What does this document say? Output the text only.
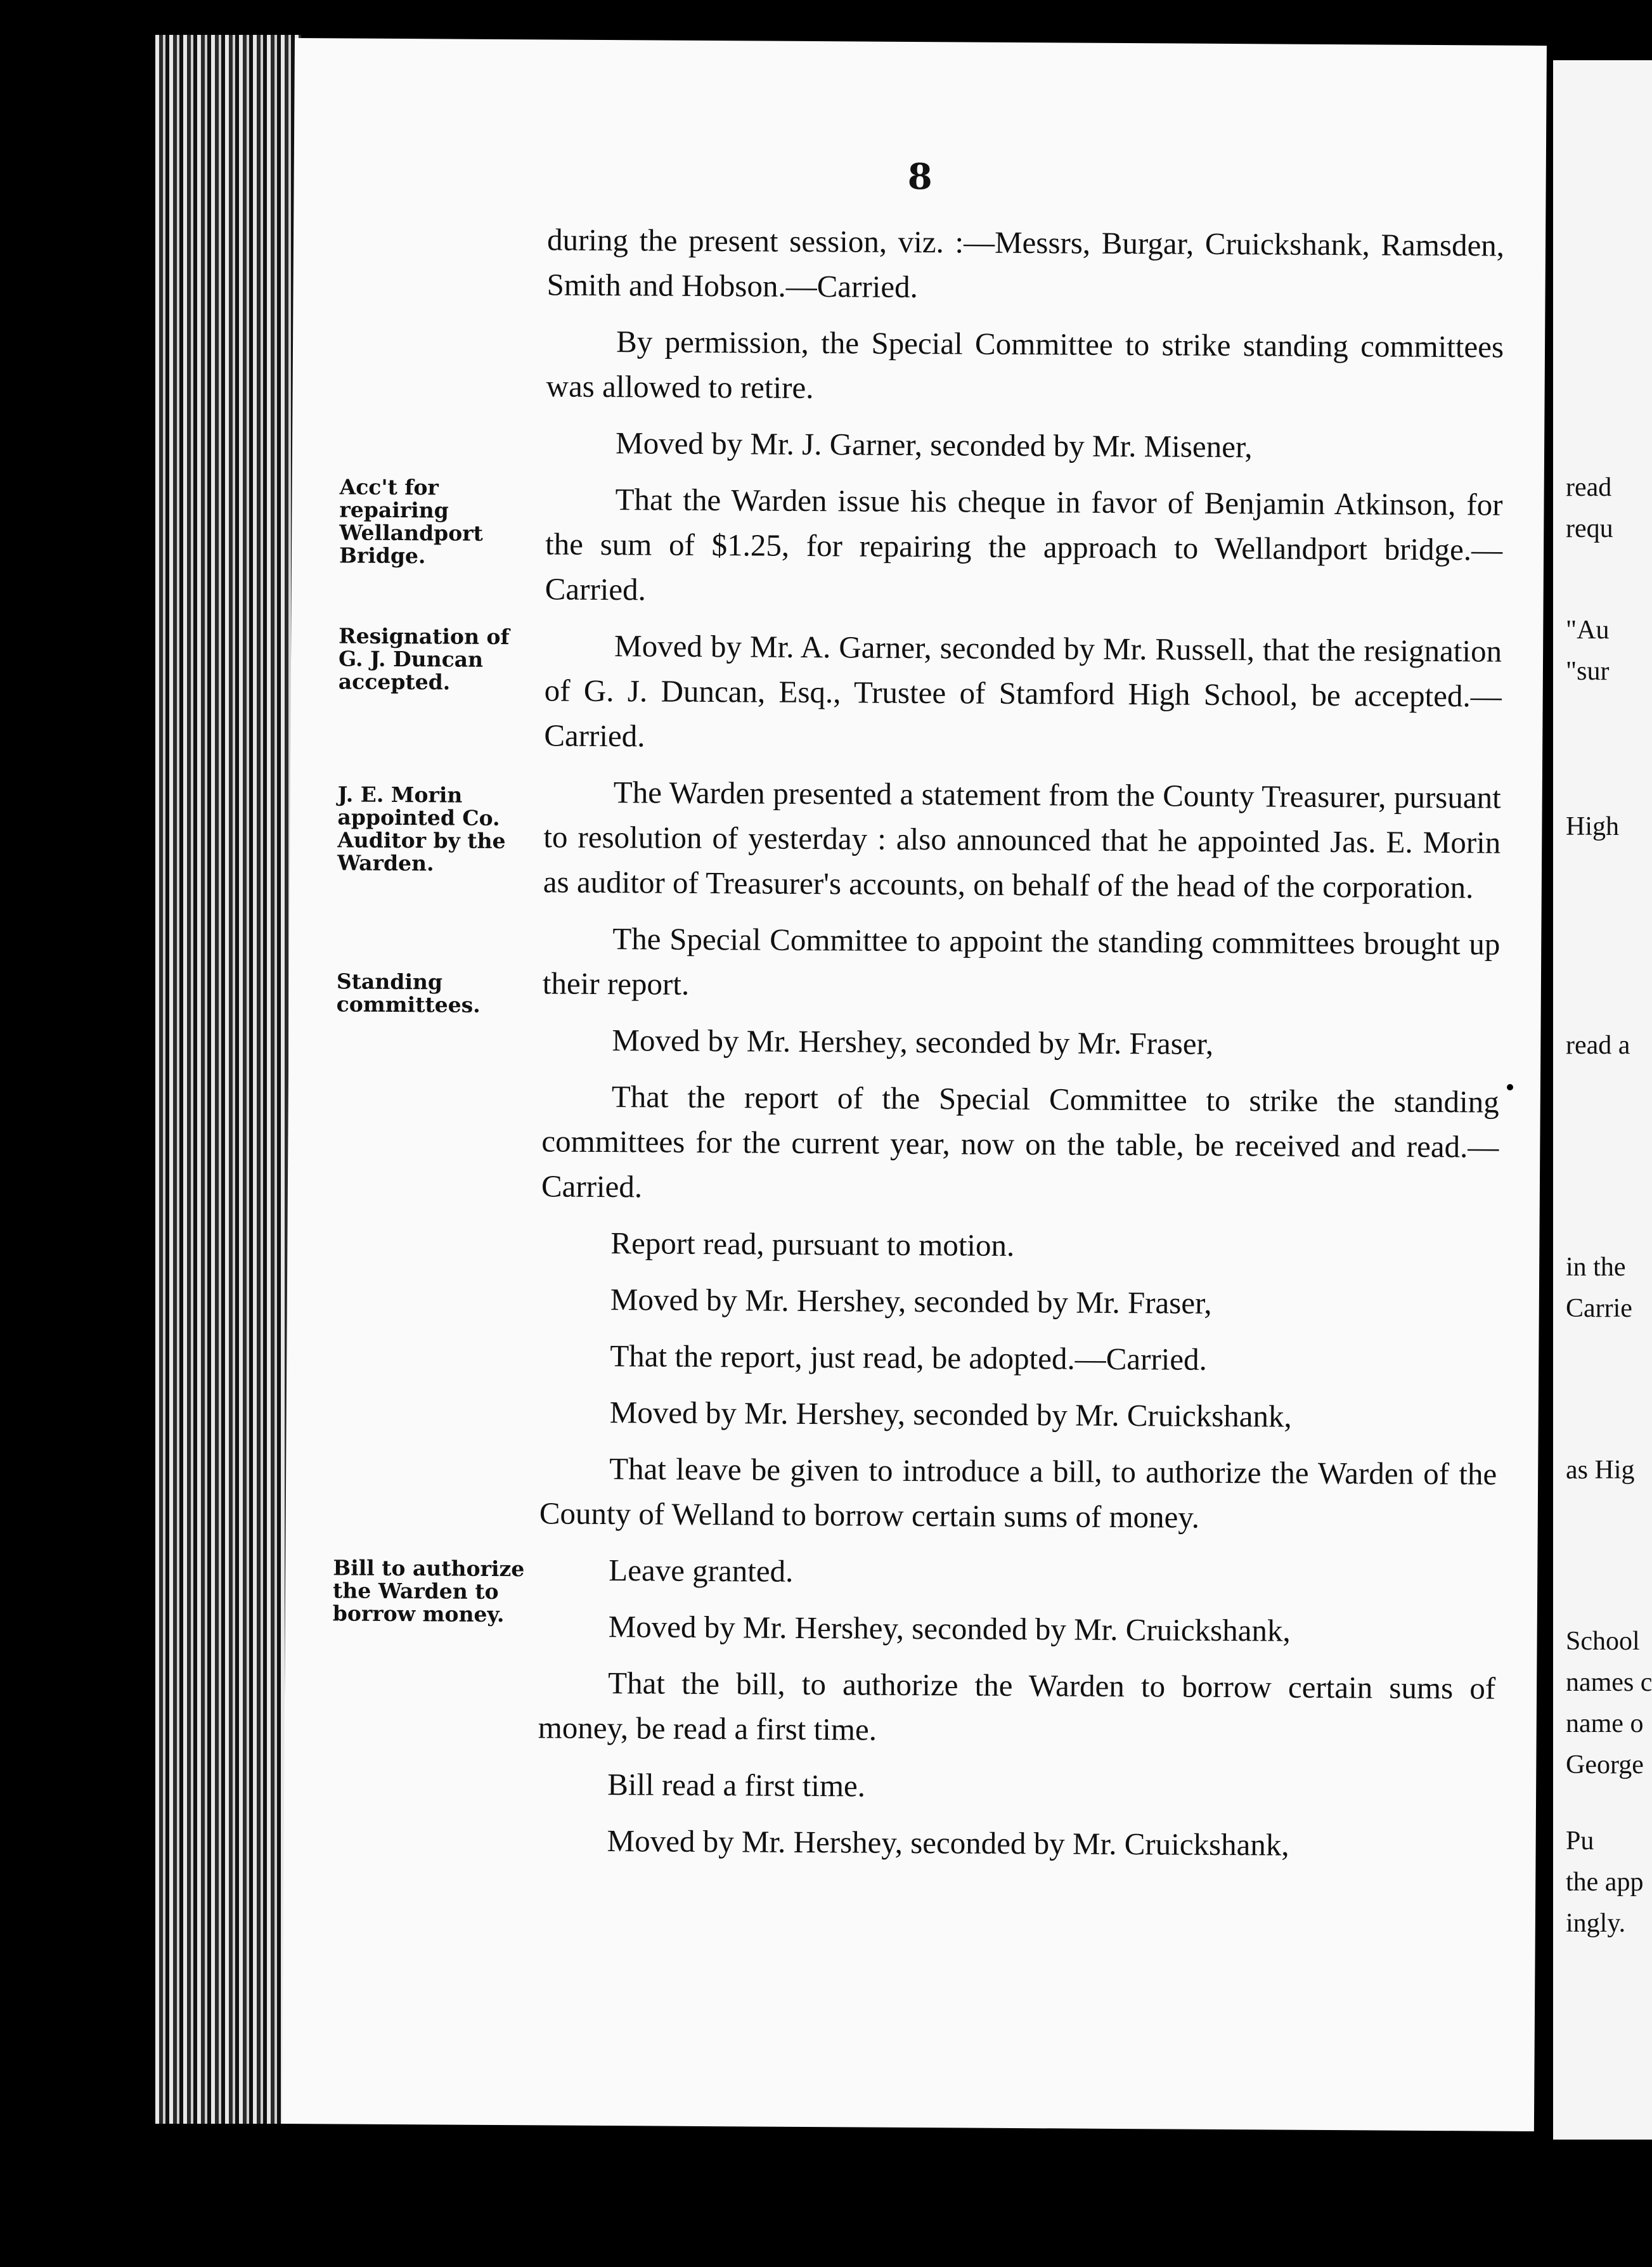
8
Acc't for repairing Wellandport Bridge.
Resignation of G. J. Duncan accepted.
J. E. Morin appointed Co. Auditor by the Warden.
Standing committees.
Bill to authorize the Warden to borrow money.

during the present session, viz. :—Messrs, Burgar, Cruickshank, Ramsden, Smith and Hobson.—Carried.

By permission, the Special Committee to strike standing committees was allowed to retire.

Moved by Mr. J. Garner, seconded by Mr. Misener,

That the Warden issue his cheque in favor of Benjamin Atkinson, for the sum of $1.25, for repairing the approach to Wellandport bridge.—Carried.

Moved by Mr. A. Garner, seconded by Mr. Russell, that the resignation of G. J. Duncan, Esq., Trustee of Stamford High School, be accepted.—Carried.

The Warden presented a statement from the County Treasurer, pursuant to resolution of yesterday : also announced that he appointed Jas. E. Morin as auditor of Treasurer's accounts, on behalf of the head of the corporation.

The Special Committee to appoint the standing committees brought up their report.

Moved by Mr. Hershey, seconded by Mr. Fraser,

That the report of the Special Committee to strike the standing committees for the current year, now on the table, be received and read.—Carried.

Report read, pursuant to motion.

Moved by Mr. Hershey, seconded by Mr. Fraser,

That the report, just read, be adopted.—Carried.

Moved by Mr. Hershey, seconded by Mr. Cruickshank,

That leave be given to introduce a bill, to authorize the Warden of the County of Welland to borrow certain sums of money.

Leave granted.

Moved by Mr. Hershey, seconded by Mr. Cruickshank,

That the bill, to authorize the Warden to borrow certain sums of money, be read a first time.

Bill read a first time.

Moved by Mr. Hershey, seconded by Mr. Cruickshank,

read
requ
"Au
"sur
High
read a
in the
Carrie
as Hig
School
names c
name o
George
Pu
the app
ingly.
